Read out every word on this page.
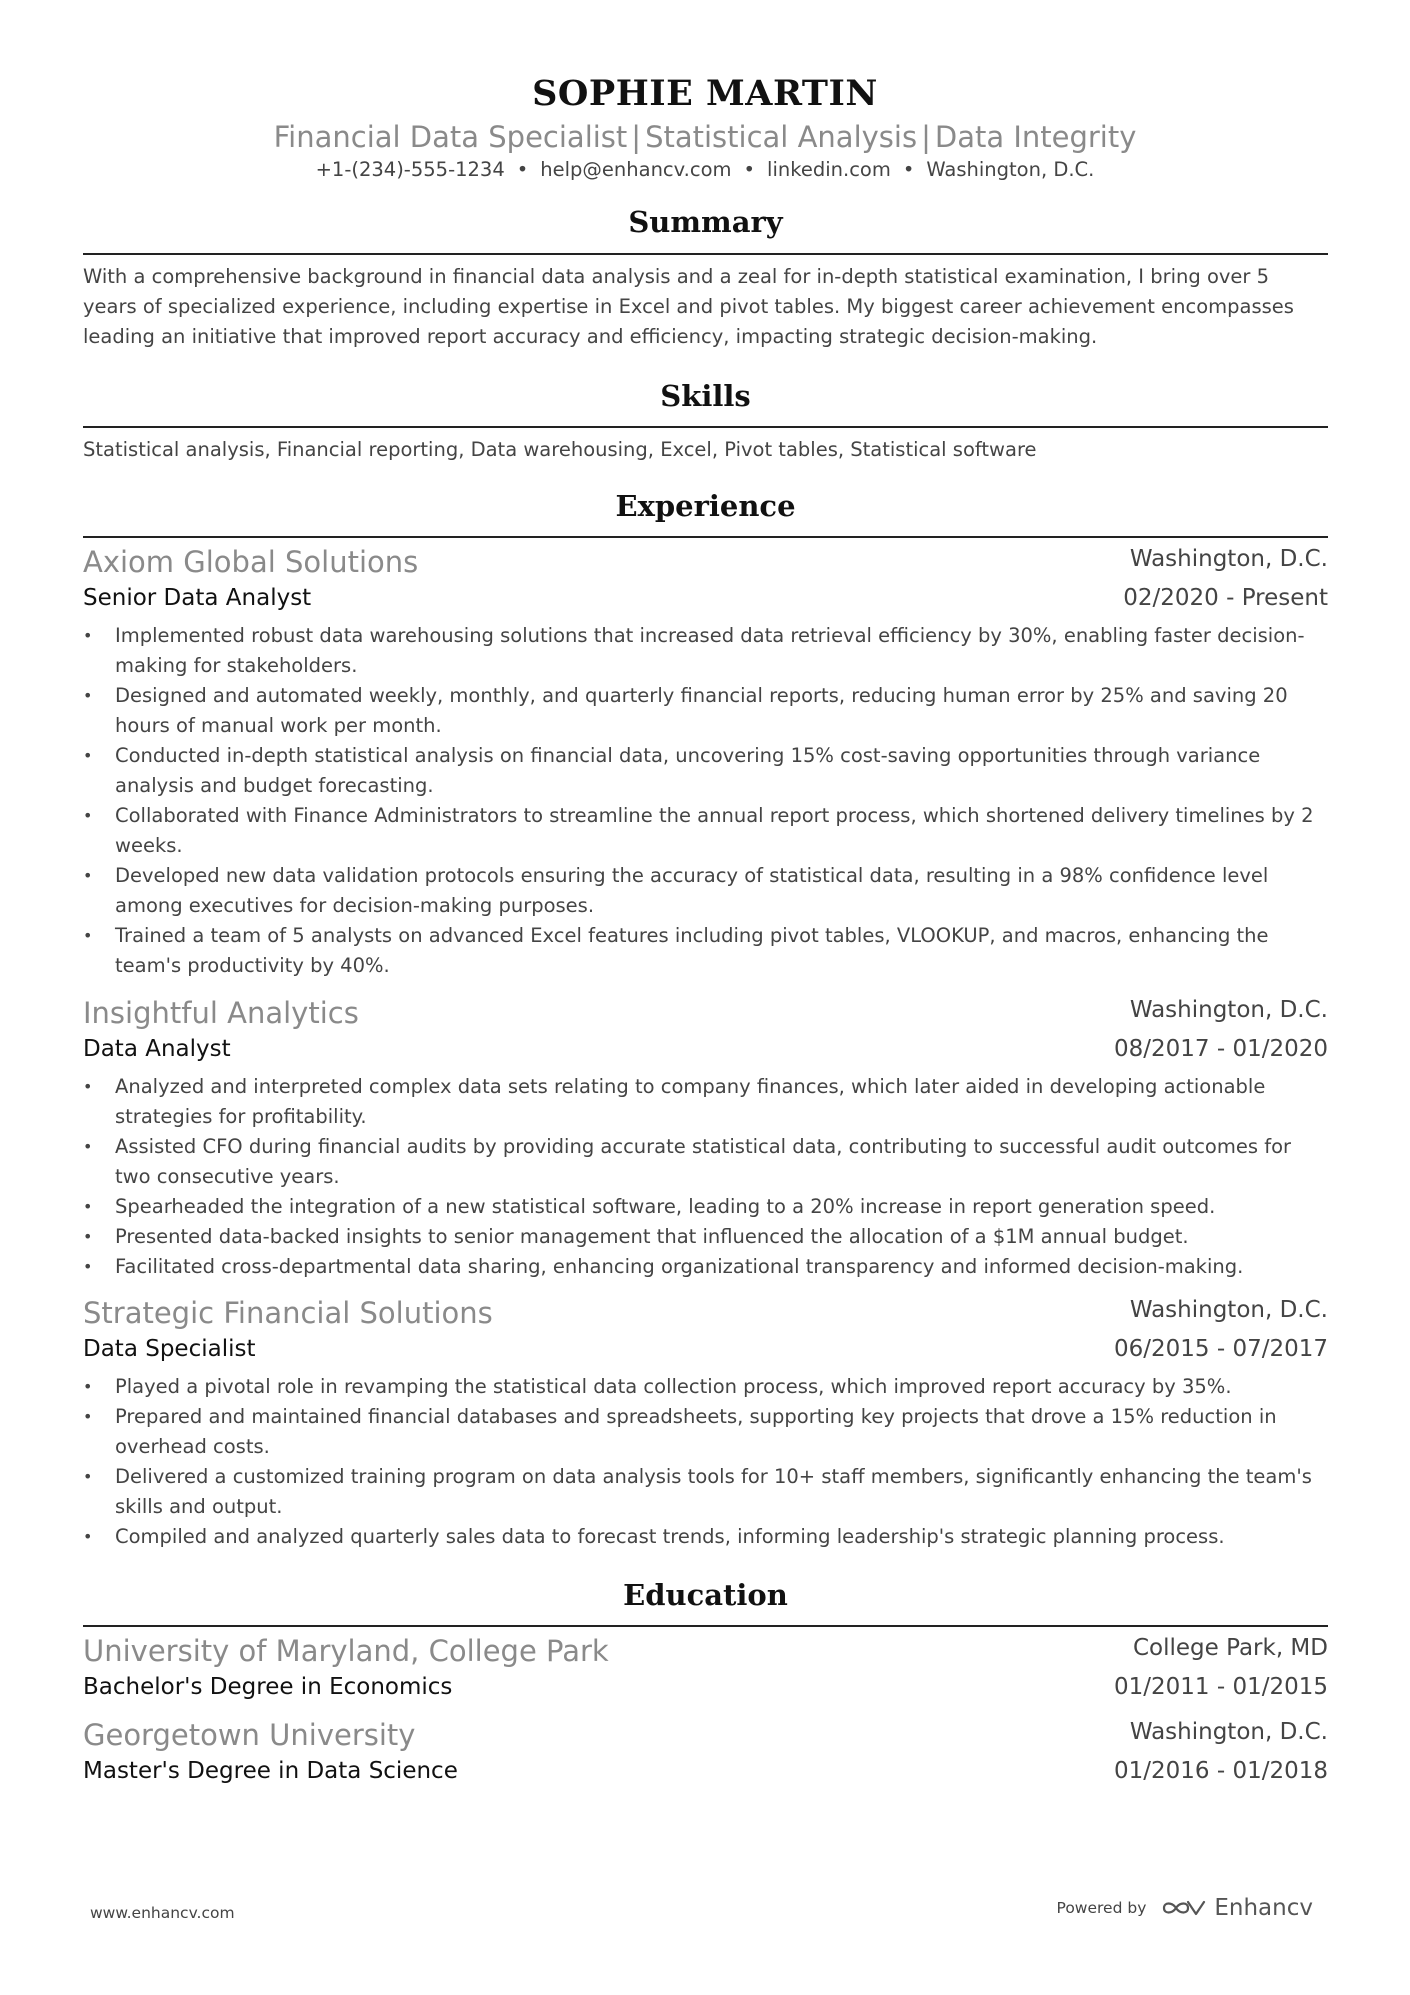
SOPHIE MARTIN
Financial Data Specialist | Statistical Analysis | Data Integrity
+1-(234)-555-1234 • help@enhancv.com • linkedin.com • Washington, D.C.
Summary
With a comprehensive background in financial data analysis and a zeal for in-depth statistical examination, I bring over 5 years of specialized experience, including expertise in Excel and pivot tables. My biggest career achievement encompasses leading an initiative that improved report accuracy and efficiency, impacting strategic decision-making.
Skills
Statistical analysis, Financial reporting, Data warehousing, Excel, Pivot tables, Statistical software
Experience
Axiom Global Solutions	Washington, D.C.
Senior Data Analyst	02/2020 - Present
• Implemented robust data warehousing solutions that increased data retrieval efficiency by 30%, enabling faster decision-making for stakeholders.
• Designed and automated weekly, monthly, and quarterly financial reports, reducing human error by 25% and saving 20 hours of manual work per month.
• Conducted in-depth statistical analysis on financial data, uncovering 15% cost-saving opportunities through variance analysis and budget forecasting.
• Collaborated with Finance Administrators to streamline the annual report process, which shortened delivery timelines by 2 weeks.
• Developed new data validation protocols ensuring the accuracy of statistical data, resulting in a 98% confidence level among executives for decision-making purposes.
• Trained a team of 5 analysts on advanced Excel features including pivot tables, VLOOKUP, and macros, enhancing the team's productivity by 40%.
Insightful Analytics	Washington, D.C.
Data Analyst	08/2017 - 01/2020
• Analyzed and interpreted complex data sets relating to company finances, which later aided in developing actionable strategies for profitability.
• Assisted CFO during financial audits by providing accurate statistical data, contributing to successful audit outcomes for two consecutive years.
• Spearheaded the integration of a new statistical software, leading to a 20% increase in report generation speed.
• Presented data-backed insights to senior management that influenced the allocation of a $1M annual budget.
• Facilitated cross-departmental data sharing, enhancing organizational transparency and informed decision-making.
Strategic Financial Solutions	Washington, D.C.
Data Specialist	06/2015 - 07/2017
• Played a pivotal role in revamping the statistical data collection process, which improved report accuracy by 35%.
• Prepared and maintained financial databases and spreadsheets, supporting key projects that drove a 15% reduction in overhead costs.
• Delivered a customized training program on data analysis tools for 10+ staff members, significantly enhancing the team's skills and output.
• Compiled and analyzed quarterly sales data to forecast trends, informing leadership's strategic planning process.
Education
University of Maryland, College Park	College Park, MD
Bachelor's Degree in Economics	01/2011 - 01/2015
Georgetown University	Washington, D.C.
Master's Degree in Data Science	01/2016 - 01/2018
www.enhancv.com	Powered by	Enhancv
